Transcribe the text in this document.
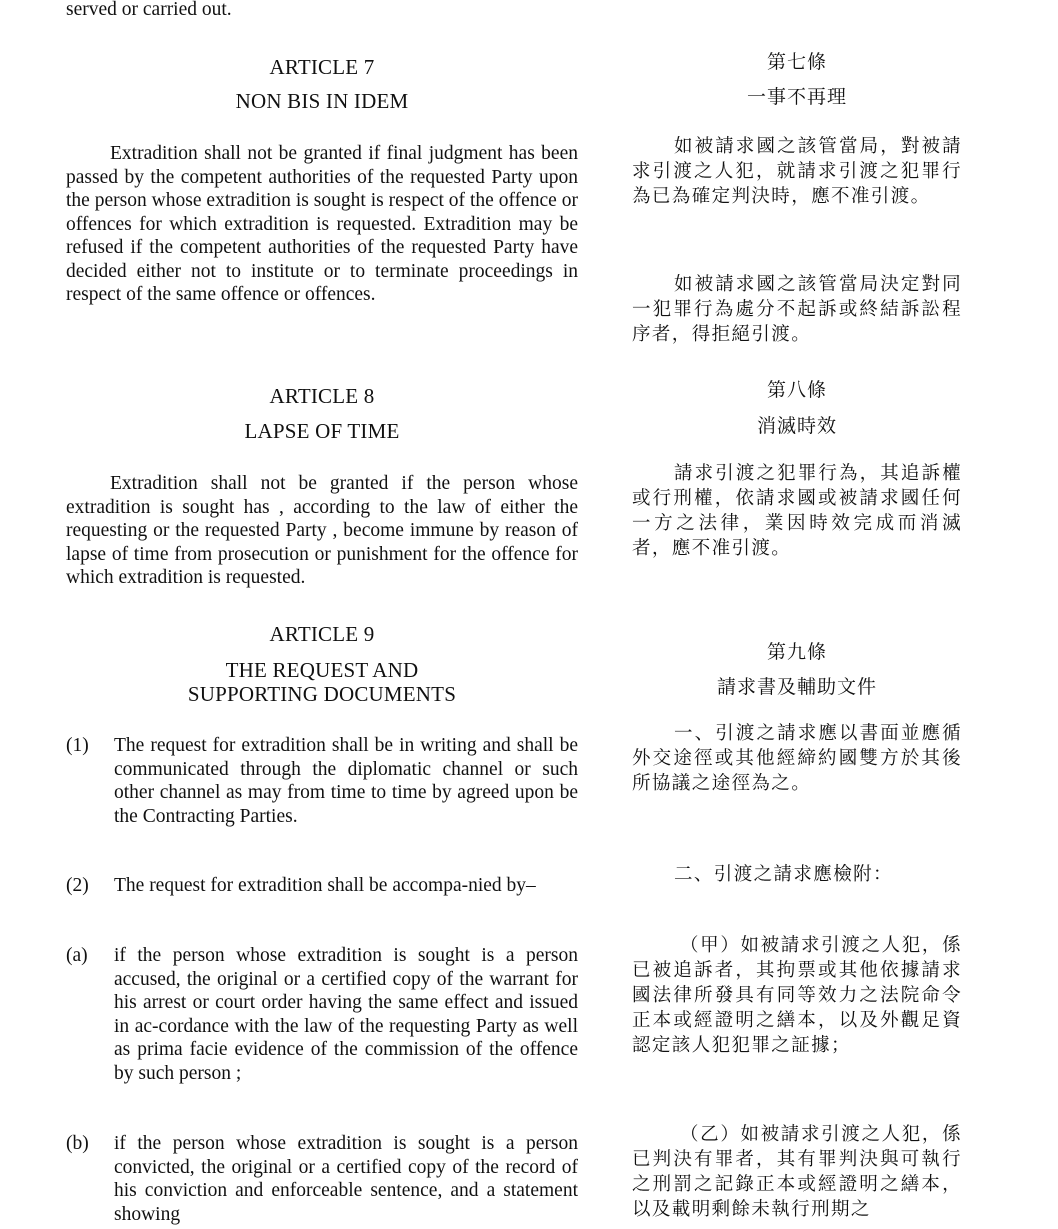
served or carried out.
ARTICLE 7
NON BIS IN IDEM
Extradition shall not be granted if final judgment has been passed by the competent authorities of the requested Party upon the person whose extradition is sought is respect of the offence or offences for which extradition is requested. Extradition may be refused if the competent authorities of the requested Party have decided either not to institute or to terminate proceedings in respect of the same offence or offences.
ARTICLE 8
LAPSE OF TIME
Extradition shall not be granted if the person whose extradition is sought has , according to the law of either the requesting or the requested Party , become immune by reason of lapse of time from prosecution or punishment for the offence for which extradition is requested.
ARTICLE 9
THE REQUEST AND
SUPPORTING DOCUMENTS
(1)	The request for extradition shall be in writing and shall be communicated through the diplomatic channel or such other channel as may from time to time by agreed upon be the Contracting Parties.
(2)	The request for extradition shall be accompa-nied by–
(a)	if the person whose extradition is sought is a person accused, the original or a certified copy of the warrant for his arrest or court order having the same effect and issued in ac-cordance with the law of the requesting Party as well as prima facie evidence of the commission of the offence by such person ;
(b)	if the person whose extradition is sought is a person convicted, the original or a certified copy of the record of his conviction and enforceable sentence, and a statement showing
第七條
一事不再理
如被請求國之該管當局，對被請求引渡之人犯，就請求引渡之犯罪行為已為確定判決時，應不准引渡。
如被請求國之該管當局決定對同一犯罪行為處分不起訴或終結訴訟程序者，得拒絕引渡。
第八條
消滅時效
請求引渡之犯罪行為，其追訴權或行刑權，依請求國或被請求國任何一方之法律，業因時效完成而消滅者，應不准引渡。
第九條
請求書及輔助文件
一、引渡之請求應以書面並應循外交途徑或其他經締約國雙方於其後所協議之途徑為之。
二、引渡之請求應檢附：
（甲）如被請求引渡之人犯，係已被追訴者，其拘票或其他依據請求國法律所發具有同等效力之法院命令正本或經證明之繕本，以及外觀足資認定該人犯犯罪之証據；
（乙）如被請求引渡之人犯，係已判決有罪者，其有罪判決與可執行之刑罰之記錄正本或經證明之繕本，以及載明剩餘未執行刑期之
